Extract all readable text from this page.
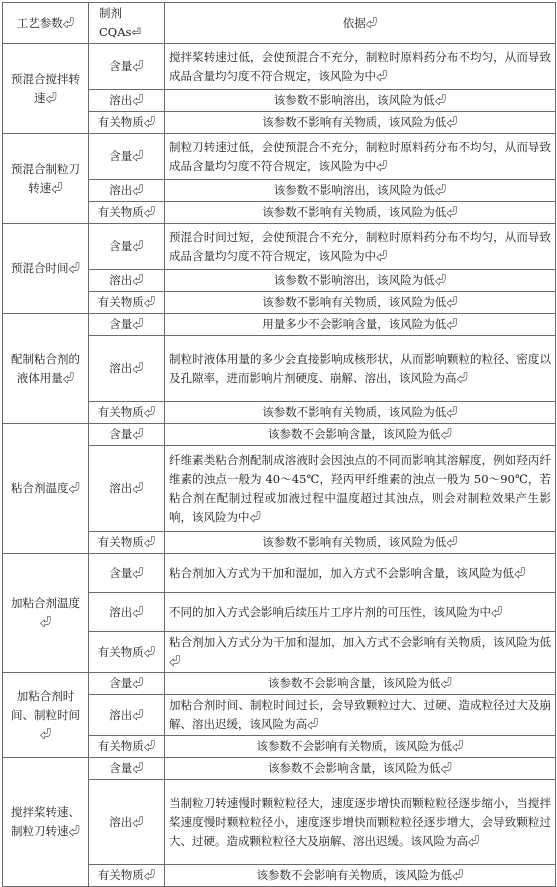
工艺参数⏎	制剂 CQAs⏎	依据⏎
预混合搅拌转速⏎	含量⏎	搅拌桨转速过低，会使预混合不充分，制粒时原料药分布不均匀，从而导致成品含量均匀度不符合规定，该风险为中⏎
	溶出⏎	该参数不影响溶出，该风险为低⏎
	有关物质⏎	该参数不影响有关物质，该风险为低⏎
预混合制粒刀转速⏎	含量⏎	制粒刀转速过低，会使预混合不充分，制粒时原料药分布不均匀，从而导致成品含量均匀度不符合规定，该风险为中⏎
	溶出⏎	该参数不影响溶出，该风险为低⏎
	有关物质⏎	该参数不影响有关物质，该风险为低⏎
预混合时间⏎	含量⏎	预混合时间过短，会使预混合不充分，制粒时原料药分布不均匀，从而导致成品含量均匀度不符合规定，该风险为中⏎
	溶出⏎	该参数不影响溶出，该风险为低⏎
	有关物质⏎	该参数不影响有关物质，该风险为低⏎
配制粘合剂的液体用量⏎	含量⏎	用量多少不会影响含量，该风险为低⏎
	溶出⏎	制粒时液体用量的多少会直接影响成核形状，从而影响颗粒的粒径、密度以及孔隙率，进而影响片剂硬度、崩解、溶出，该风险为高⏎
	有关物质⏎	该参数不影响有关物质，该风险为低⏎
粘合剂温度⏎	含量⏎	该参数不会影响含量，该风险为低⏎
	溶出⏎	纤维素类粘合剂配制成溶液时会因浊点的不同而影响其溶解度，例如羟丙纤维素的浊点一般为 40～45℃，羟丙甲纤维素的浊点一般为 50～90℃，若粘合剂在配制过程或加液过程中温度超过其浊点，则会对制粒效果产生影响，该风险为中⏎
	有关物质⏎	该参数不影响有关物质，该风险为低⏎
加粘合剂温度⏎	含量⏎	粘合剂加入方式为干加和湿加，加入方式不会影响含量，该风险为低⏎
	溶出⏎	不同的加入方式会影响后续压片工序片剂的可压性，该风险为中⏎
	有关物质⏎	粘合剂加入方式分为干加和湿加，加入方式不会影响有关物质，该风险为低⏎
加粘合剂时间、制粒时间⏎	含量⏎	该参数不会影响含量，该风险为低⏎
	溶出⏎	加粘合剂时间、制粒时间过长，会导致颗粒过大、过硬、造成粒径过大及崩解、溶出迟缓，该风险为高⏎
	有关物质⏎	该参数不会影响有关物质，该风险为低⏎
搅拌桨转速、制粒刀转速⏎	含量⏎	该参数不会影响含量，该风险为低⏎
	溶出⏎	当制粒刀转速慢时颗粒粒径大，速度逐步增快而颗粒粒径逐步缩小，当搅拌桨速度慢时颗粒粒径小，速度逐步增快而颗粒粒径逐步增大，会导致颗粒过大、过硬。造成颗粒粒径大及崩解、溶出迟缓。该风险为高⏎
	有关物质⏎	该参数不会影响有关物质，该风险为低⏎
